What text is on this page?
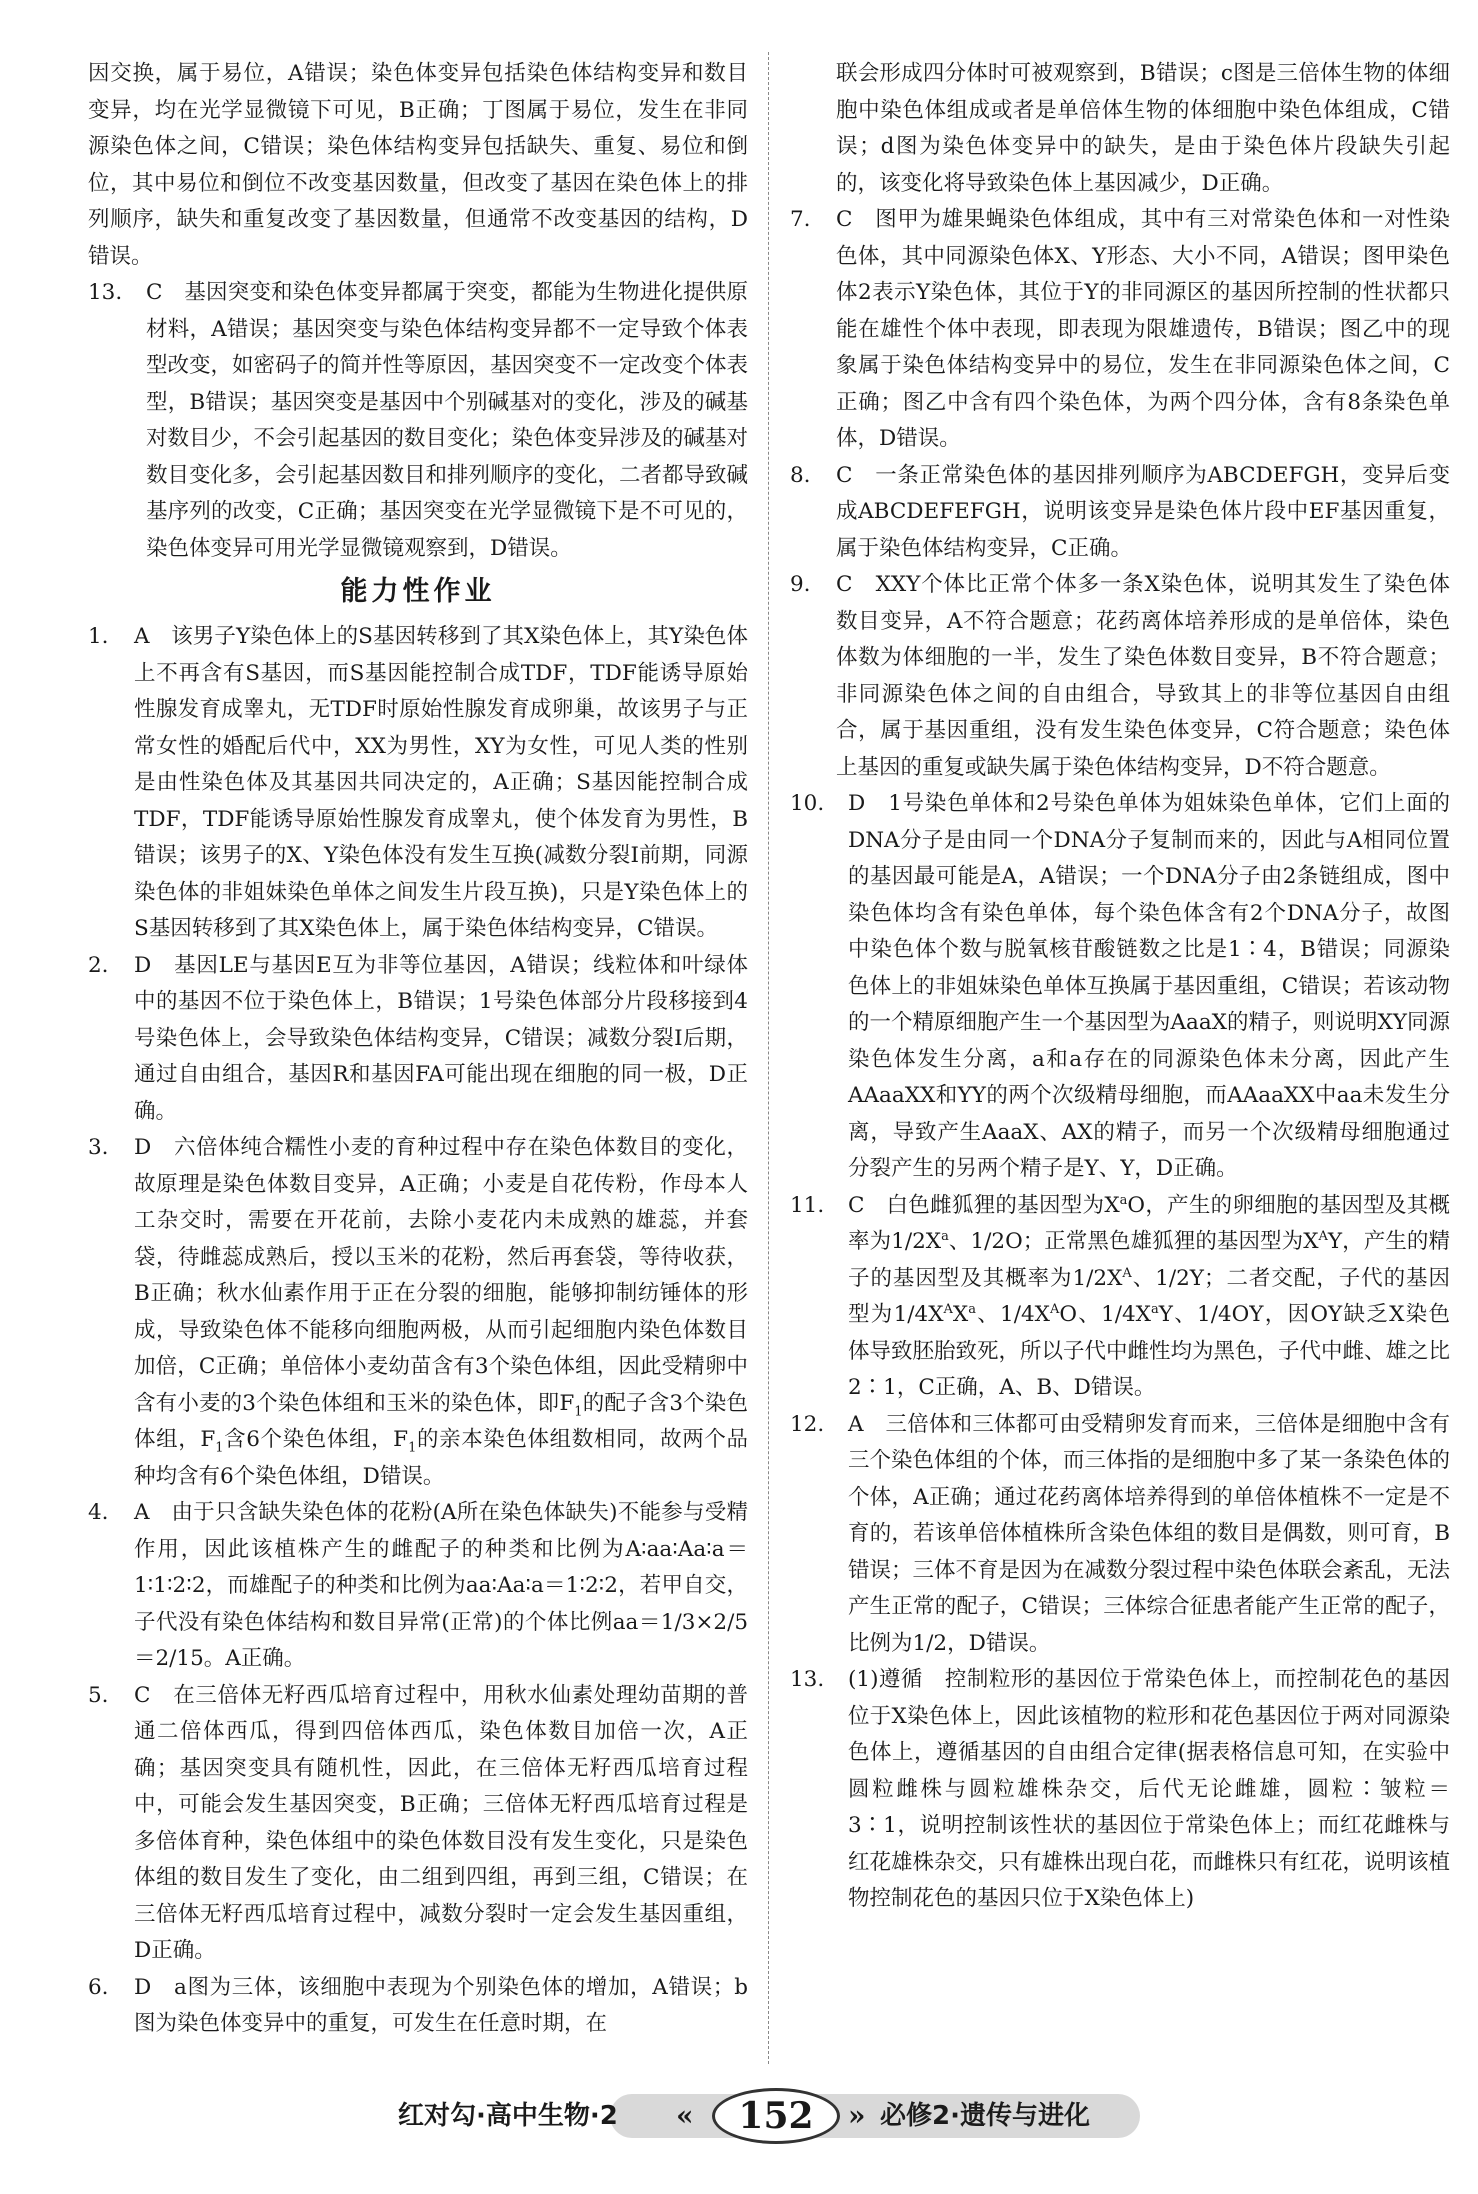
因交换，属于易位，A错误；染色体变异包括染色体结构变异和数目变异，均在光学显微镜下可见，B正确；丁图属于易位，发生在非同源染色体之间，C错误；染色体结构变异包括缺失、重复、易位和倒位，其中易位和倒位不改变基因数量，但改变了基因在染色体上的排列顺序，缺失和重复改变了基因数量，但通常不改变基因的结构，D错误。

13. C　基因突变和染色体变异都属于突变，都能为生物进化提供原材料，A错误；基因突变与染色体结构变异都不一定导致个体表型改变，如密码子的简并性等原因，基因突变不一定改变个体表型，B错误；基因突变是基因中个别碱基对的变化，涉及的碱基对数目少，不会引起基因的数目变化；染色体变异涉及的碱基对数目变化多，会引起基因数目和排列顺序的变化，二者都导致碱基序列的改变，C正确；基因突变在光学显微镜下是不可见的，染色体变异可用光学显微镜观察到，D错误。
能力性作业
1. A　该男子Y染色体上的S基因转移到了其X染色体上，其Y染色体上不再含有S基因，而S基因能控制合成TDF，TDF能诱导原始性腺发育成睾丸，无TDF时原始性腺发育成卵巢，故该男子与正常女性的婚配后代中，XX为男性，XY为女性，可见人类的性别是由性染色体及其基因共同决定的，A正确；S基因能控制合成TDF，TDF能诱导原始性腺发育成睾丸，使个体发育为男性，B错误；该男子的X、Y染色体没有发生互换(减数分裂Ⅰ前期，同源染色体的非姐妹染色单体之间发生片段互换)，只是Y染色体上的S基因转移到了其X染色体上，属于染色体结构变异，C错误。
2. D　基因LE与基因E互为非等位基因，A错误；线粒体和叶绿体中的基因不位于染色体上，B错误；1号染色体部分片段移接到4号染色体上，会导致染色体结构变异，C错误；减数分裂Ⅰ后期，通过自由组合，基因R和基因FA可能出现在细胞的同一极，D正确。
3. D　六倍体纯合糯性小麦的育种过程中存在染色体数目的变化，故原理是染色体数目变异，A正确；小麦是自花传粉，作母本人工杂交时，需要在开花前，去除小麦花内未成熟的雄蕊，并套袋，待雌蕊成熟后，授以玉米的花粉，然后再套袋，等待收获，B正确；秋水仙素作用于正在分裂的细胞，能够抑制纺锤体的形成，导致染色体不能移向细胞两极，从而引起细胞内染色体数目加倍，C正确；单倍体小麦幼苗含有3个染色体组，因此受精卵中含有小麦的3个染色体组和玉米的染色体，即$F_1$的配子含3个染色体组，$F_1$含6个染色体组，$F_1$的亲本染色体组数相同，故两个品种均含有6个染色体组，D错误。
4. A　由于只含缺失染色体的花粉(A所在染色体缺失)不能参与受精作用，因此该植株产生的雌配子的种类和比例为A∶aa∶Aa∶a＝1∶1∶2∶2，而雄配子的种类和比例为aa∶Aa∶a＝1∶2∶2，若甲自交，子代没有染色体结构和数目异常(正常)的个体比例aa＝1/3×2/5＝2/15。A正确。
5. C　在三倍体无籽西瓜培育过程中，用秋水仙素处理幼苗期的普通二倍体西瓜，得到四倍体西瓜，染色体数目加倍一次，A正确；基因突变具有随机性，因此，在三倍体无籽西瓜培育过程中，可能会发生基因突变，B正确；三倍体无籽西瓜培育过程是多倍体育种，染色体组中的染色体数目没有发生变化，只是染色体组的数目发生了变化，由二组到四组，再到三组，C错误；在三倍体无籽西瓜培育过程中，减数分裂时一定会发生基因重组，D正确。
6. D　a图为三体，该细胞中表现为个别染色体的增加，A错误；b图为染色体变异中的重复，可发生在任意时期，在
联会形成四分体时可被观察到，B错误；c图是三倍体生物的体细胞中染色体组成或者是单倍体生物的体细胞中染色体组成，C错误；d图为染色体变异中的缺失，是由于染色体片段缺失引起的，该变化将导致染色体上基因减少，D正确。
7. C　图甲为雄果蝇染色体组成，其中有三对常染色体和一对性染色体，其中同源染色体X、Y形态、大小不同，A错误；图甲染色体2表示Y染色体，其位于Y的非同源区的基因所控制的性状都只能在雄性个体中表现，即表现为限雄遗传，B错误；图乙中的现象属于染色体结构变异中的易位，发生在非同源染色体之间，C正确；图乙中含有四个染色体，为两个四分体，含有8条染色单体，D错误。
8. C　一条正常染色体的基因排列顺序为ABCDEFGH，变异后变成ABCDEFEFGH，说明该变异是染色体片段中EF基因重复，属于染色体结构变异，C正确。
9. C　XXY个体比正常个体多一条X染色体，说明其发生了染色体数目变异，A不符合题意；花药离体培养形成的是单倍体，染色体数为体细胞的一半，发生了染色体数目变异，B不符合题意；非同源染色体之间的自由组合，导致其上的非等位基因自由组合，属于基因重组，没有发生染色体变异，C符合题意；染色体上基因的重复或缺失属于染色体结构变异，D不符合题意。
10. D　1号染色单体和2号染色单体为姐妹染色单体，它们上面的DNA分子是由同一个DNA分子复制而来的，因此与A相同位置的基因最可能是A，A错误；一个DNA分子由2条链组成，图中染色体均含有染色单体，每个染色体含有2个DNA分子，故图中染色体个数与脱氧核苷酸链数之比是1∶4，B错误；同源染色体上的非姐妹染色单体互换属于基因重组，C错误；若该动物的一个精原细胞产生一个基因型为AaaX的精子，则说明XY同源染色体发生分离，a和a存在的同源染色体未分离，因此产生AAaaXX和YY的两个次级精母细胞，而AAaaXX中aa未发生分离，导致产生AaaX、AX的精子，而另一个次级精母细胞通过分裂产生的另两个精子是Y、Y，D正确。
11. C　白色雌狐狸的基因型为$X^aO$，产生的卵细胞的基因型及其概率为$1/2X^a$、1/2O；正常黑色雄狐狸的基因型为$X^AY$，产生的精子的基因型及其概率为$1/2X^A$、1/2Y；二者交配，子代的基因型为$1/4X^AX^a$、$1/4X^AO$、$1/4X^aY$、1/4OY，因OY缺乏X染色体导致胚胎致死，所以子代中雌性均为黑色，子代中雌、雄之比2∶1，C正确，A、B、D错误。
12. A　三倍体和三体都可由受精卵发育而来，三倍体是细胞中含有三个染色体组的个体，而三体指的是细胞中多了某一条染色体的个体，A正确；通过花药离体培养得到的单倍体植株不一定是不育的，若该单倍体植株所含染色体组的数目是偶数，则可育，B错误；三体不育是因为在减数分裂过程中染色体联会紊乱，无法产生正常的配子，C错误；三体综合征患者能产生正常的配子，比例为1/2，D错误。
13. (1)遵循　控制粒形的基因位于常染色体上，而控制花色的基因位于X染色体上，因此该植物的粒形和花色基因位于两对同源染色体上，遵循基因的自由组合定律(据表格信息可知，在实验中圆粒雌株与圆粒雄株杂交，后代无论雌雄，圆粒∶皱粒＝3∶1，说明控制该性状的基因位于常染色体上；而红花雌株与红花雄株杂交，只有雄株出现白花，而雌株只有红花，说明该植物控制花色的基因只位于X染色体上)
红对勾·高中生物·2 «	152	» 必修2·遗传与进化
